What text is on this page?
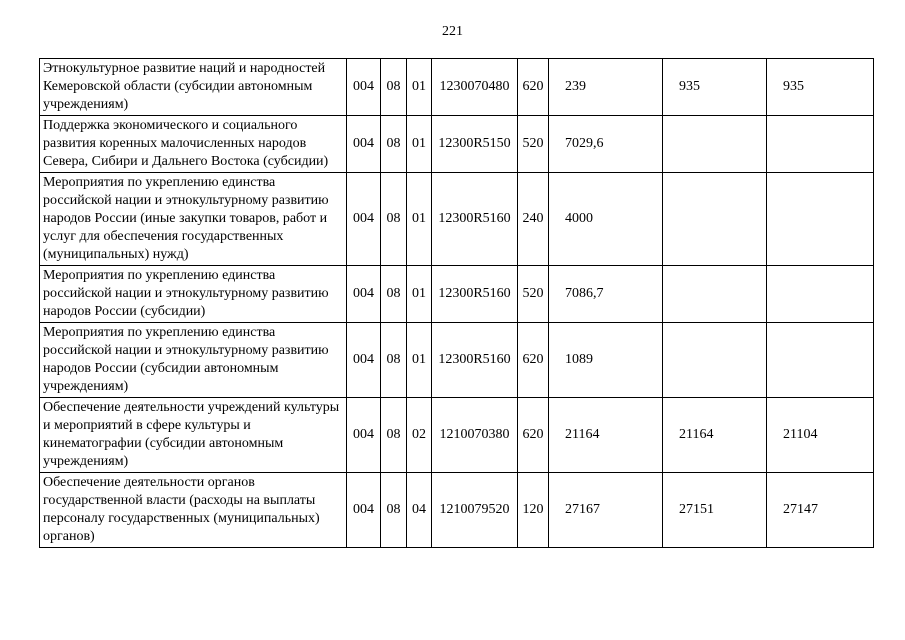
221
Этнокультурное развитие наций и народностей Кемеровской области (субсидии автономным учреждениям)	004	08	01	1230070480	620	239	935	935
Поддержка экономического и социального развития коренных малочисленных народов Севера, Сибири и Дальнего Востока (субсидии)	004	08	01	12300R5150	520	7029,6		
Мероприятия по укреплению единства российской нации и этнокультурному развитию народов России (иные закупки товаров, работ и услуг для обеспечения государственных (муниципальных) нужд)	004	08	01	12300R5160	240	4000		
Мероприятия по укреплению единства российской нации и этнокультурному развитию народов России (субсидии)	004	08	01	12300R5160	520	7086,7		
Мероприятия по укреплению единства российской нации и этнокультурному развитию народов России (субсидии автономным учреждениям)	004	08	01	12300R5160	620	1089		
Обеспечение деятельности учреждений культуры и мероприятий в сфере культуры и кинематографии (субсидии автономным учреждениям)	004	08	02	1210070380	620	21164	21164	21104
Обеспечение деятельности органов государственной власти (расходы на выплаты персоналу государственных (муниципальных) органов)	004	08	04	1210079520	120	27167	27151	27147
